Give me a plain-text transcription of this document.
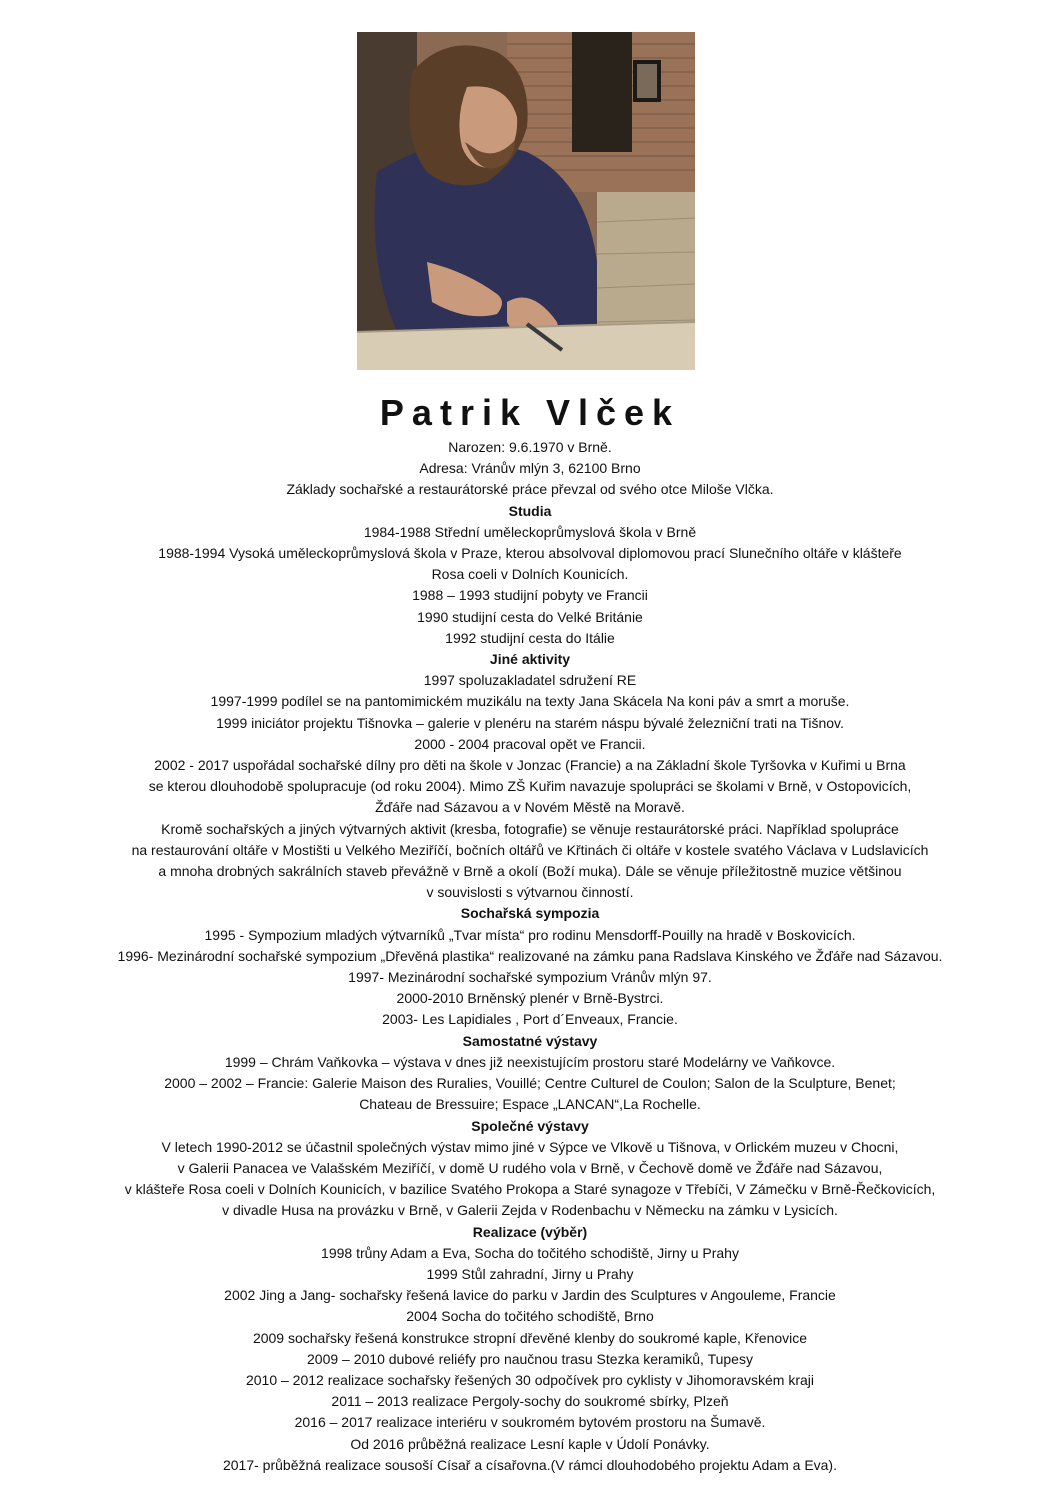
Patrik Vlček
Narozen: 9.6.1970 v Brně.
Adresa: Vránův mlýn 3, 62100 Brno
Základy sochařské a restaurátorské práce převzal od svého otce Miloše Vlčka.
Studia
1984-1988 Střední uměleckoprůmyslová škola v Brně
1988-1994 Vysoká uměleckoprůmyslová škola v Praze, kterou absolvoval diplomovou prací Slunečního oltáře v klášteře
Rosa coeli v Dolních Kounicích.
1988 – 1993 studijní pobyty ve Francii
1990 studijní cesta do Velké Británie
1992 studijní cesta do Itálie
Jiné aktivity
1997 spoluzakladatel sdružení RE
1997-1999 podílel se na pantomimickém muzikálu na texty Jana Skácela Na koni páv a smrt a moruše.
1999 iniciátor projektu Tišnovka – galerie v plenéru na starém náspu bývalé železniční trati na Tišnov.
2000 - 2004 pracoval opět ve Francii.
2002 - 2017 uspořádal sochařské dílny pro děti na škole v Jonzac (Francie) a na Základní škole Tyršovka v Kuřimi u Brna
se kterou dlouhodobě spolupracuje (od roku 2004). Mimo ZŠ Kuřim navazuje spolupráci se školami v Brně, v Ostopovicích,
Žďáře nad Sázavou a v Novém Městě na Moravě.
Kromě sochařských a jiných výtvarných aktivit (kresba, fotografie) se věnuje restaurátorské práci. Například spolupráce
na restaurování oltáře v Mostišti u Velkého Meziříčí, bočních oltářů ve Křtinách či oltáře v kostele svatého Václava v Ludslavicích
a mnoha drobných sakrálních staveb převážně v Brně a okolí (Boží muka). Dále se věnuje příležitostně muzice většinou
v souvislosti s výtvarnou činností.
Sochařská sympozia
1995 - Sympozium mladých výtvarníků „Tvar místa“ pro rodinu Mensdorff-Pouilly na hradě v Boskovicích.
1996- Mezinárodní sochařské sympozium „Dřevěná plastika“ realizované na zámku pana Radslava Kinského ve Žďáře nad Sázavou.
1997- Mezinárodní sochařské sympozium Vránův mlýn 97.
2000-2010 Brněnský plenér v Brně-Bystrci.
2003- Les Lapidiales , Port d´Enveaux, Francie.
Samostatné výstavy
1999 – Chrám Vaňkovka – výstava v dnes již neexistujícím prostoru staré Modelárny ve Vaňkovce.
2000 – 2002 – Francie: Galerie Maison des Ruralies, Vouillé; Centre Culturel de Coulon; Salon de la Sculpture, Benet;
Chateau de Bressuire; Espace „LANCAN“,La Rochelle.
Společné výstavy
V letech 1990-2012 se účastnil společných výstav mimo jiné v Sýpce ve Vlkově u Tišnova, v Orlickém muzeu v Chocni,
v Galerii Panacea ve Valašském Meziříčí, v domě U rudého vola v Brně, v Čechově domě ve Žďáře nad Sázavou,
v klášteře Rosa coeli v Dolních Kounicích, v bazilice Svatého Prokopa a Staré synagoze v Třebíči, V Zámečku v Brně-Řečkovicích,
v divadle Husa na provázku v Brně, v Galerii Zejda v Rodenbachu v Německu na zámku v Lysicích.
Realizace (výběr)
1998 trůny Adam a Eva, Socha do točitého schodiště, Jirny u Prahy
1999 Stůl zahradní, Jirny u Prahy
2002 Jing a Jang- sochařsky řešená lavice do parku v Jardin des Sculptures v Angouleme, Francie
2004 Socha do točitého schodiště, Brno
2009 sochařsky řešená konstrukce stropní dřevěné klenby do soukromé kaple, Křenovice
2009 – 2010 dubové reliéfy pro naučnou trasu Stezka keramiků, Tupesy
2010 – 2012 realizace sochařsky řešených 30 odpočívek pro cyklisty v Jihomoravském kraji
2011 – 2013 realizace Pergoly-sochy do soukromé sbírky, Plzeň
2016 – 2017 realizace interiéru v soukromém bytovém prostoru na Šumavě.
Od 2016 průběžná realizace Lesní kaple v Údolí Ponávky.
2017- průběžná realizace sousoší Císař a císařovna.(V rámci dlouhodobého projektu Adam a Eva).
